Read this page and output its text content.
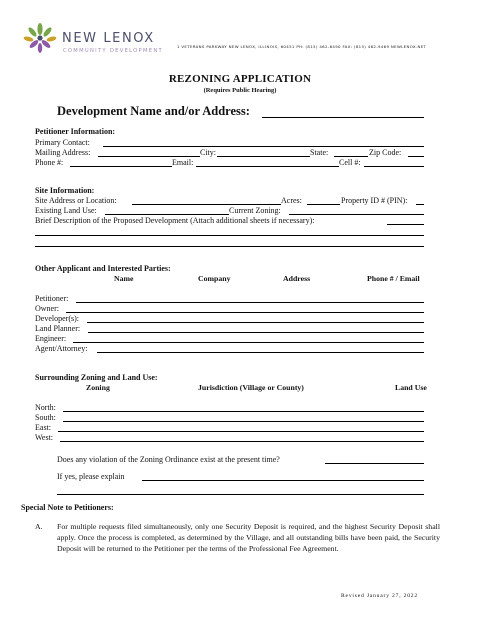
NEW LENOX
COMMUNITY DEVELOPMENT
1 VETERANS PARKWAY NEW LENOX, ILLINOIS, 60451 PH: (815) 462-6490 FAX: (815) 462-9469 NEWLENOX.NET
REZONING APPLICATION
(Requires Public Hearing)
Development Name and/or Address:
Petitioner Information:
Primary Contact:
Mailing Address:	City:	State:	Zip Code:
Phone #:	Email:	Cell #:
Site Information:
Site Address or Location:	Acres:	Property ID # (PIN):
Existing Land Use:	Current Zoning:
Brief Description of the Proposed Development (Attach additional sheets if necessary):
Other Applicant and Interested Parties:
Name	Company	Address	Phone # / Email
Petitioner:
Owner:
Developer(s):
Land Planner:
Engineer:
Agent/Attorney:
Surrounding Zoning and Land Use:
Zoning	Jurisdiction (Village or County)	Land Use
North:
South:
East:
West:
Does any violation of the Zoning Ordinance exist at the present time?
If yes, please explain
Special Note to Petitioners:
A. For multiple requests filed simultaneously, only one Security Deposit is required, and the highest Security Deposit shall apply. Once the process is completed, as determined by the Village, and all outstanding bills have been paid, the Security Deposit will be returned to the Petitioner per the terms of the Professional Fee Agreement.
Revised January 27, 2022
